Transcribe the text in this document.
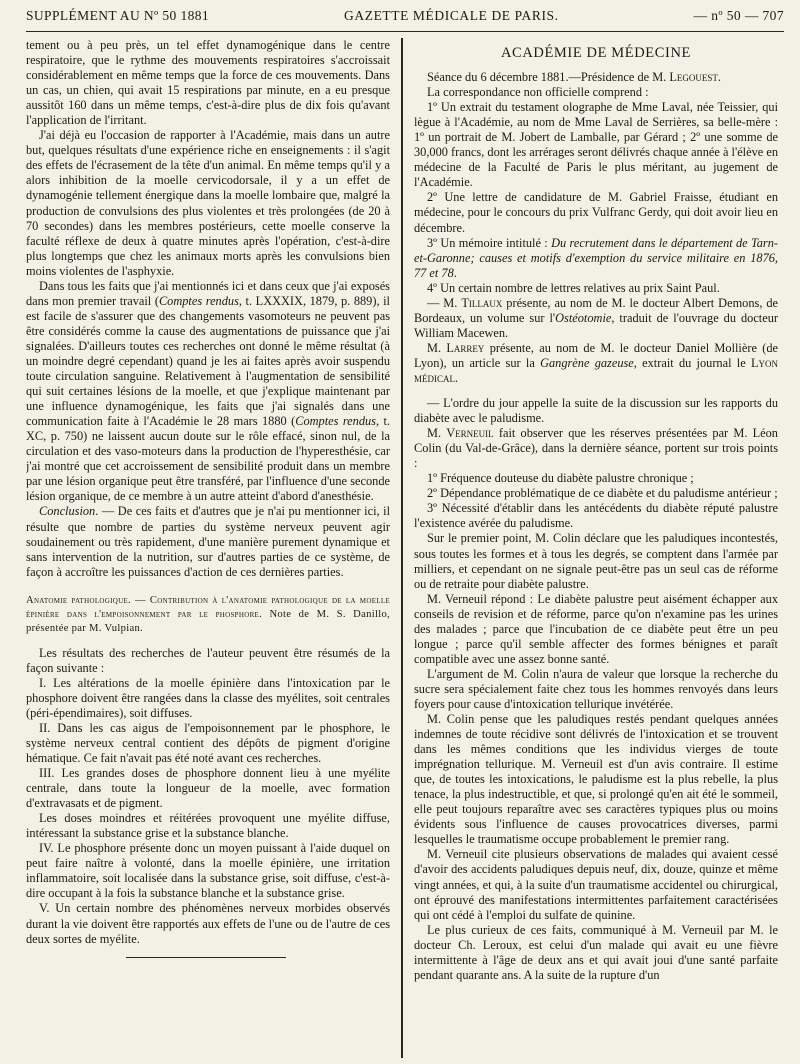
SUPPLÉMENT AU Nº 50 1881	GAZETTE MÉDICALE DE PARIS.	— nº 50 — 707

tement ou à peu près, un tel effet dynamogénique dans le centre respiratoire, que le rythme des mouvements respiratoires s'accroissait considérablement en même temps que la force de ces mouvements. Dans un cas, un chien, qui avait 15 respirations par minute, en a eu presque aussitôt 160 dans un même temps, c'est-à-dire plus de dix fois qu'avant l'application de l'irritant.

J'ai déjà eu l'occasion de rapporter à l'Académie, mais dans un autre but, quelques résultats d'une expérience riche en enseignements : il s'agit des effets de l'écrasement de la tête d'un animal. En même temps qu'il y a alors inhibition de la moelle cervicodorsale, il y a un effet de dynamogénie tellement énergique dans la moelle lombaire que, malgré la production de convulsions des plus violentes et très prolongées (de 20 à 70 secondes) dans les membres postérieurs, cette moelle conserve la faculté réflexe de deux à quatre minutes après l'opération, c'est-à-dire plus longtemps que chez les animaux morts après les convulsions bien moins violentes de l'asphyxie.

Dans tous les faits que j'ai mentionnés ici et dans ceux que j'ai exposés dans mon premier travail (Comptes rendus, t. LXXXIX, 1879, p. 889), il est facile de s'assurer que des changements vasomoteurs ne peuvent pas être considérés comme la cause des augmentations de puissance que j'ai signalées. D'ailleurs toutes ces recherches ont donné le même résultat (à un moindre degré cependant) quand je les ai faites après avoir suspendu toute circulation sanguine. Relativement à l'augmentation de sensibilité qui suit certaines lésions de la moelle, et que j'explique maintenant par une influence dynamogénique, les faits que j'ai signalés dans une communication faite à l'Académie le 28 mars 1880 (Comptes rendus, t. XC, p. 750) ne laissent aucun doute sur le rôle effacé, sinon nul, de la circulation et des vaso-moteurs dans la production de l'hyperesthésie, car j'ai montré que cet accroissement de sensibilité produit dans un membre par une lésion organique peut être transféré, par l'influence d'une seconde lésion organique, de ce membre à un autre atteint d'abord d'anesthésie.

Conclusion. — De ces faits et d'autres que je n'ai pu mentionner ici, il résulte que nombre de parties du système nerveux peuvent agir soudainement ou très rapidement, d'une manière purement dynamique et sans intervention de la nutrition, sur d'autres parties de ce système, de façon à accroître les puissances d'action de ces dernières parties.

Anatomie pathologique. — Contribution à l'anatomie pathologique de la moelle épinière dans l'empoisonnement par le phosphore. Note de M. S. Danillo, présentée par M. Vulpian.

Les résultats des recherches de l'auteur peuvent être résumés de la façon suivante :

I. Les altérations de la moelle épinière dans l'intoxication par le phosphore doivent être rangées dans la classe des myélites, soit centrales (péri-épendimaires), soit diffuses.

II. Dans les cas aigus de l'empoisonnement par le phosphore, le système nerveux central contient des dépôts de pigment d'origine hématique. Ce fait n'avait pas été noté avant ces recherches.

III. Les grandes doses de phosphore donnent lieu à une myélite centrale, dans toute la longueur de la moelle, avec formation d'extravasats et de pigment.

Les doses moindres et réitérées provoquent une myélite diffuse, intéressant la substance grise et la substance blanche.

IV. Le phosphore présente donc un moyen puissant à l'aide duquel on peut faire naître à volonté, dans la moelle épinière, une irritation inflammatoire, soit localisée dans la substance grise, soit diffuse, c'est-à-dire occupant à la fois la substance blanche et la substance grise.

V. Un certain nombre des phénomènes nerveux morbides observés durant la vie doivent être rapportés aux effets de l'une ou de l'autre de ces deux sortes de myélite.

ACADÉMIE DE MÉDECINE

Séance du 6 décembre 1881.—Présidence de M. Legouest.

La correspondance non officielle comprend :

1º Un extrait du testament olographe de Mme Laval, née Teissier, qui lègue à l'Académie, au nom de Mme Laval de Serrières, sa belle-mère : 1º un portrait de M. Jobert de Lamballe, par Gérard ; 2º une somme de 30,000 francs, dont les arrérages seront délivrés chaque année à l'élève en médecine de la Faculté de Paris le plus méritant, au jugement de l'Académie.

2º Une lettre de candidature de M. Gabriel Fraisse, étudiant en médecine, pour le concours du prix Vulfranc Gerdy, qui doit avoir lieu en décembre.

3º Un mémoire intitulé : Du recrutement dans le département de Tarn-et-Garonne; causes et motifs d'exemption du service militaire en 1876, 77 et 78.

4º Un certain nombre de lettres relatives au prix Saint Paul.

— M. Tillaux présente, au nom de M. le docteur Albert Demons, de Bordeaux, un volume sur l'Ostéotomie, traduit de l'ouvrage du docteur William Macewen.

M. Larrey présente, au nom de M. le docteur Daniel Mollière (de Lyon), un article sur la Gangrène gazeuse, extrait du journal le Lyon médical.

— L'ordre du jour appelle la suite de la discussion sur les rapports du diabète avec le paludisme.

M. Verneuil fait observer que les réserves présentées par M. Léon Colin (du Val-de-Grâce), dans la dernière séance, portent sur trois points :

1º Fréquence douteuse du diabète palustre chronique ;

2º Dépendance problématique de ce diabète et du paludisme antérieur ;

3º Nécessité d'établir dans les antécédents du diabète réputé palustre l'existence avérée du paludisme.

Sur le premier point, M. Colin déclare que les paludiques incontestés, sous toutes les formes et à tous les degrés, se comptent dans l'armée par milliers, et cependant on ne signale peut-être pas un seul cas de réforme ou de retraite pour diabète palustre.

M. Verneuil répond : Le diabète palustre peut aisément échapper aux conseils de revision et de réforme, parce qu'on n'examine pas les urines des malades ; parce que l'incubation de ce diabète peut être un peu longue ; parce qu'il semble affecter des formes bénignes et paraît compatible avec une assez bonne santé.

L'argument de M. Colin n'aura de valeur que lorsque la recherche du sucre sera spécialement faite chez tous les hommes renvoyés dans leurs foyers pour cause d'intoxication tellurique invétérée.

M. Colin pense que les paludiques restés pendant quelques années indemnes de toute récidive sont délivrés de l'intoxication et se trouvent dans les mêmes conditions que les individus vierges de toute imprégnation tellurique. M. Verneuil est d'un avis contraire. Il estime que, de toutes les intoxications, le paludisme est la plus rebelle, la plus tenace, la plus indestructible, et que, si prolongé qu'en ait été le sommeil, elle peut toujours reparaître avec ses caractères typiques plus ou moins évidents sous l'influence de causes provocatrices diverses, parmi lesquelles le traumatisme occupe probablement le premier rang.

M. Verneuil cite plusieurs observations de malades qui avaient cessé d'avoir des accidents paludiques depuis neuf, dix, douze, quinze et même vingt années, et qui, à la suite d'un traumatisme accidentel ou chirurgical, ont éprouvé des manifestations intermittentes parfaitement caractérisées qui ont cédé à l'emploi du sulfate de quinine.

Le plus curieux de ces faits, communiqué à M. Verneuil par M. le docteur Ch. Leroux, est celui d'un malade qui avait eu une fièvre intermittente à l'âge de deux ans et qui avait joui d'une santé parfaite pendant quarante ans. A la suite de la rupture d'un
